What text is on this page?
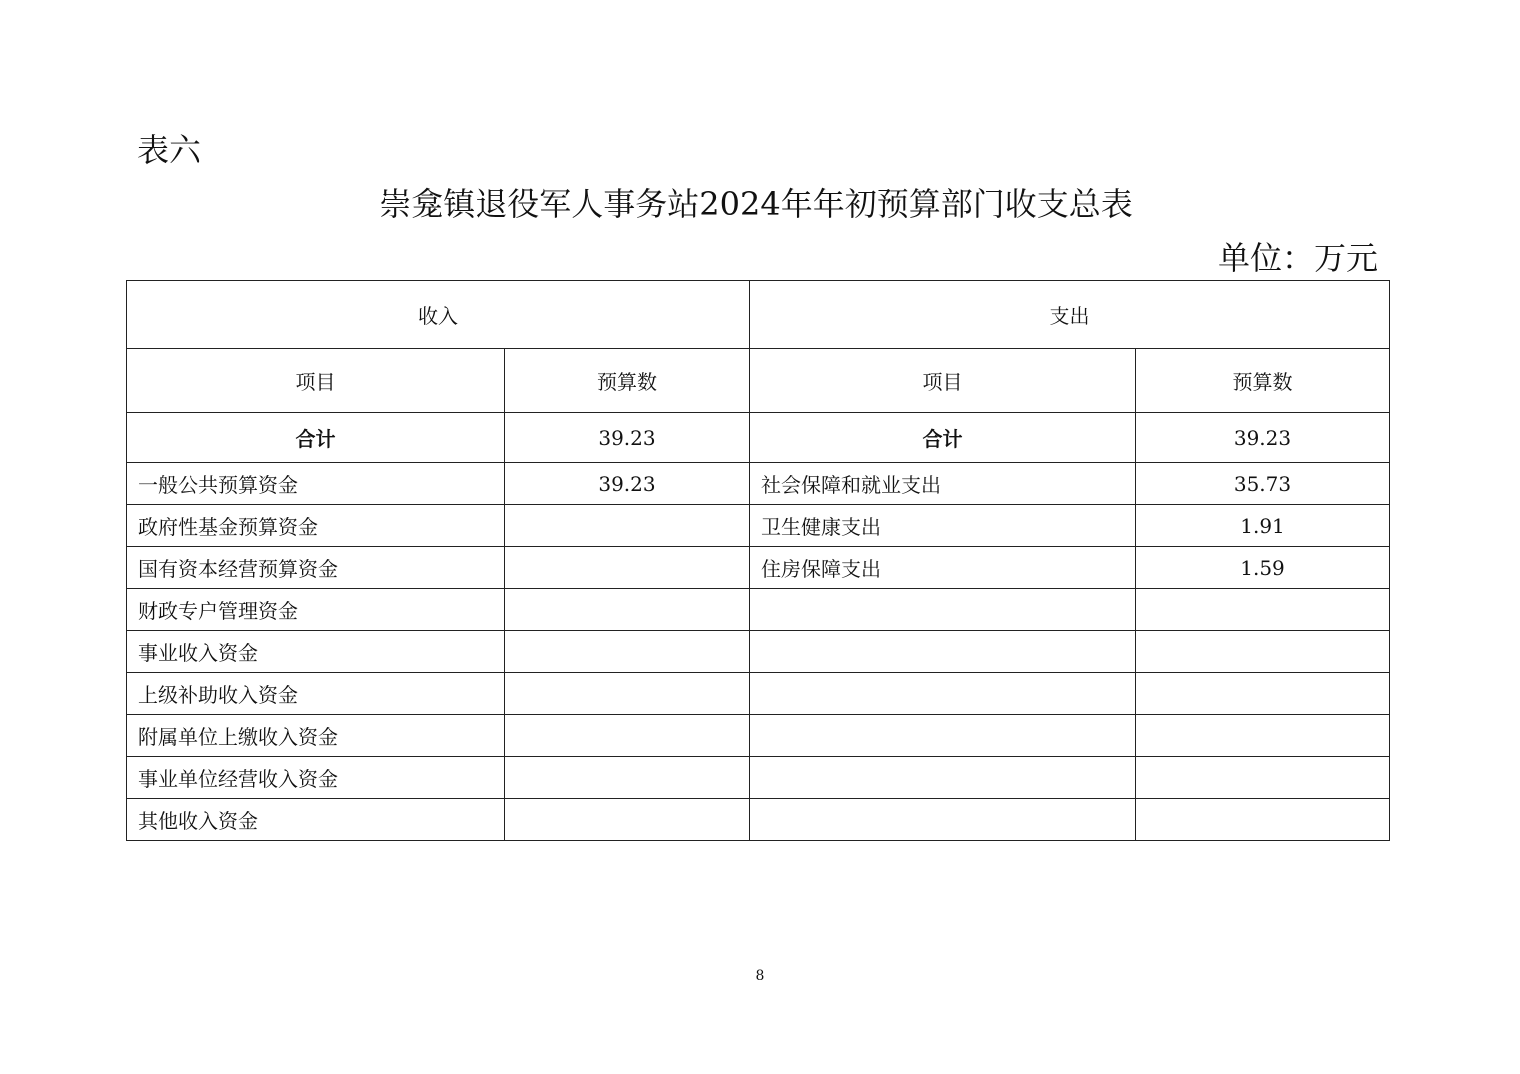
表六
崇龛镇退役军人事务站2024年年初预算部门收支总表
单位：万元
收入		支出	
项目	预算数	项目	预算数
合计	39.23	合计	39.23
一般公共预算资金	39.23	社会保障和就业支出	35.73
政府性基金预算资金		卫生健康支出	1.91
国有资本经营预算资金		住房保障支出	1.59
财政专户管理资金			
事业收入资金			
上级补助收入资金			
附属单位上缴收入资金			
事业单位经营收入资金			
其他收入资金			
8
